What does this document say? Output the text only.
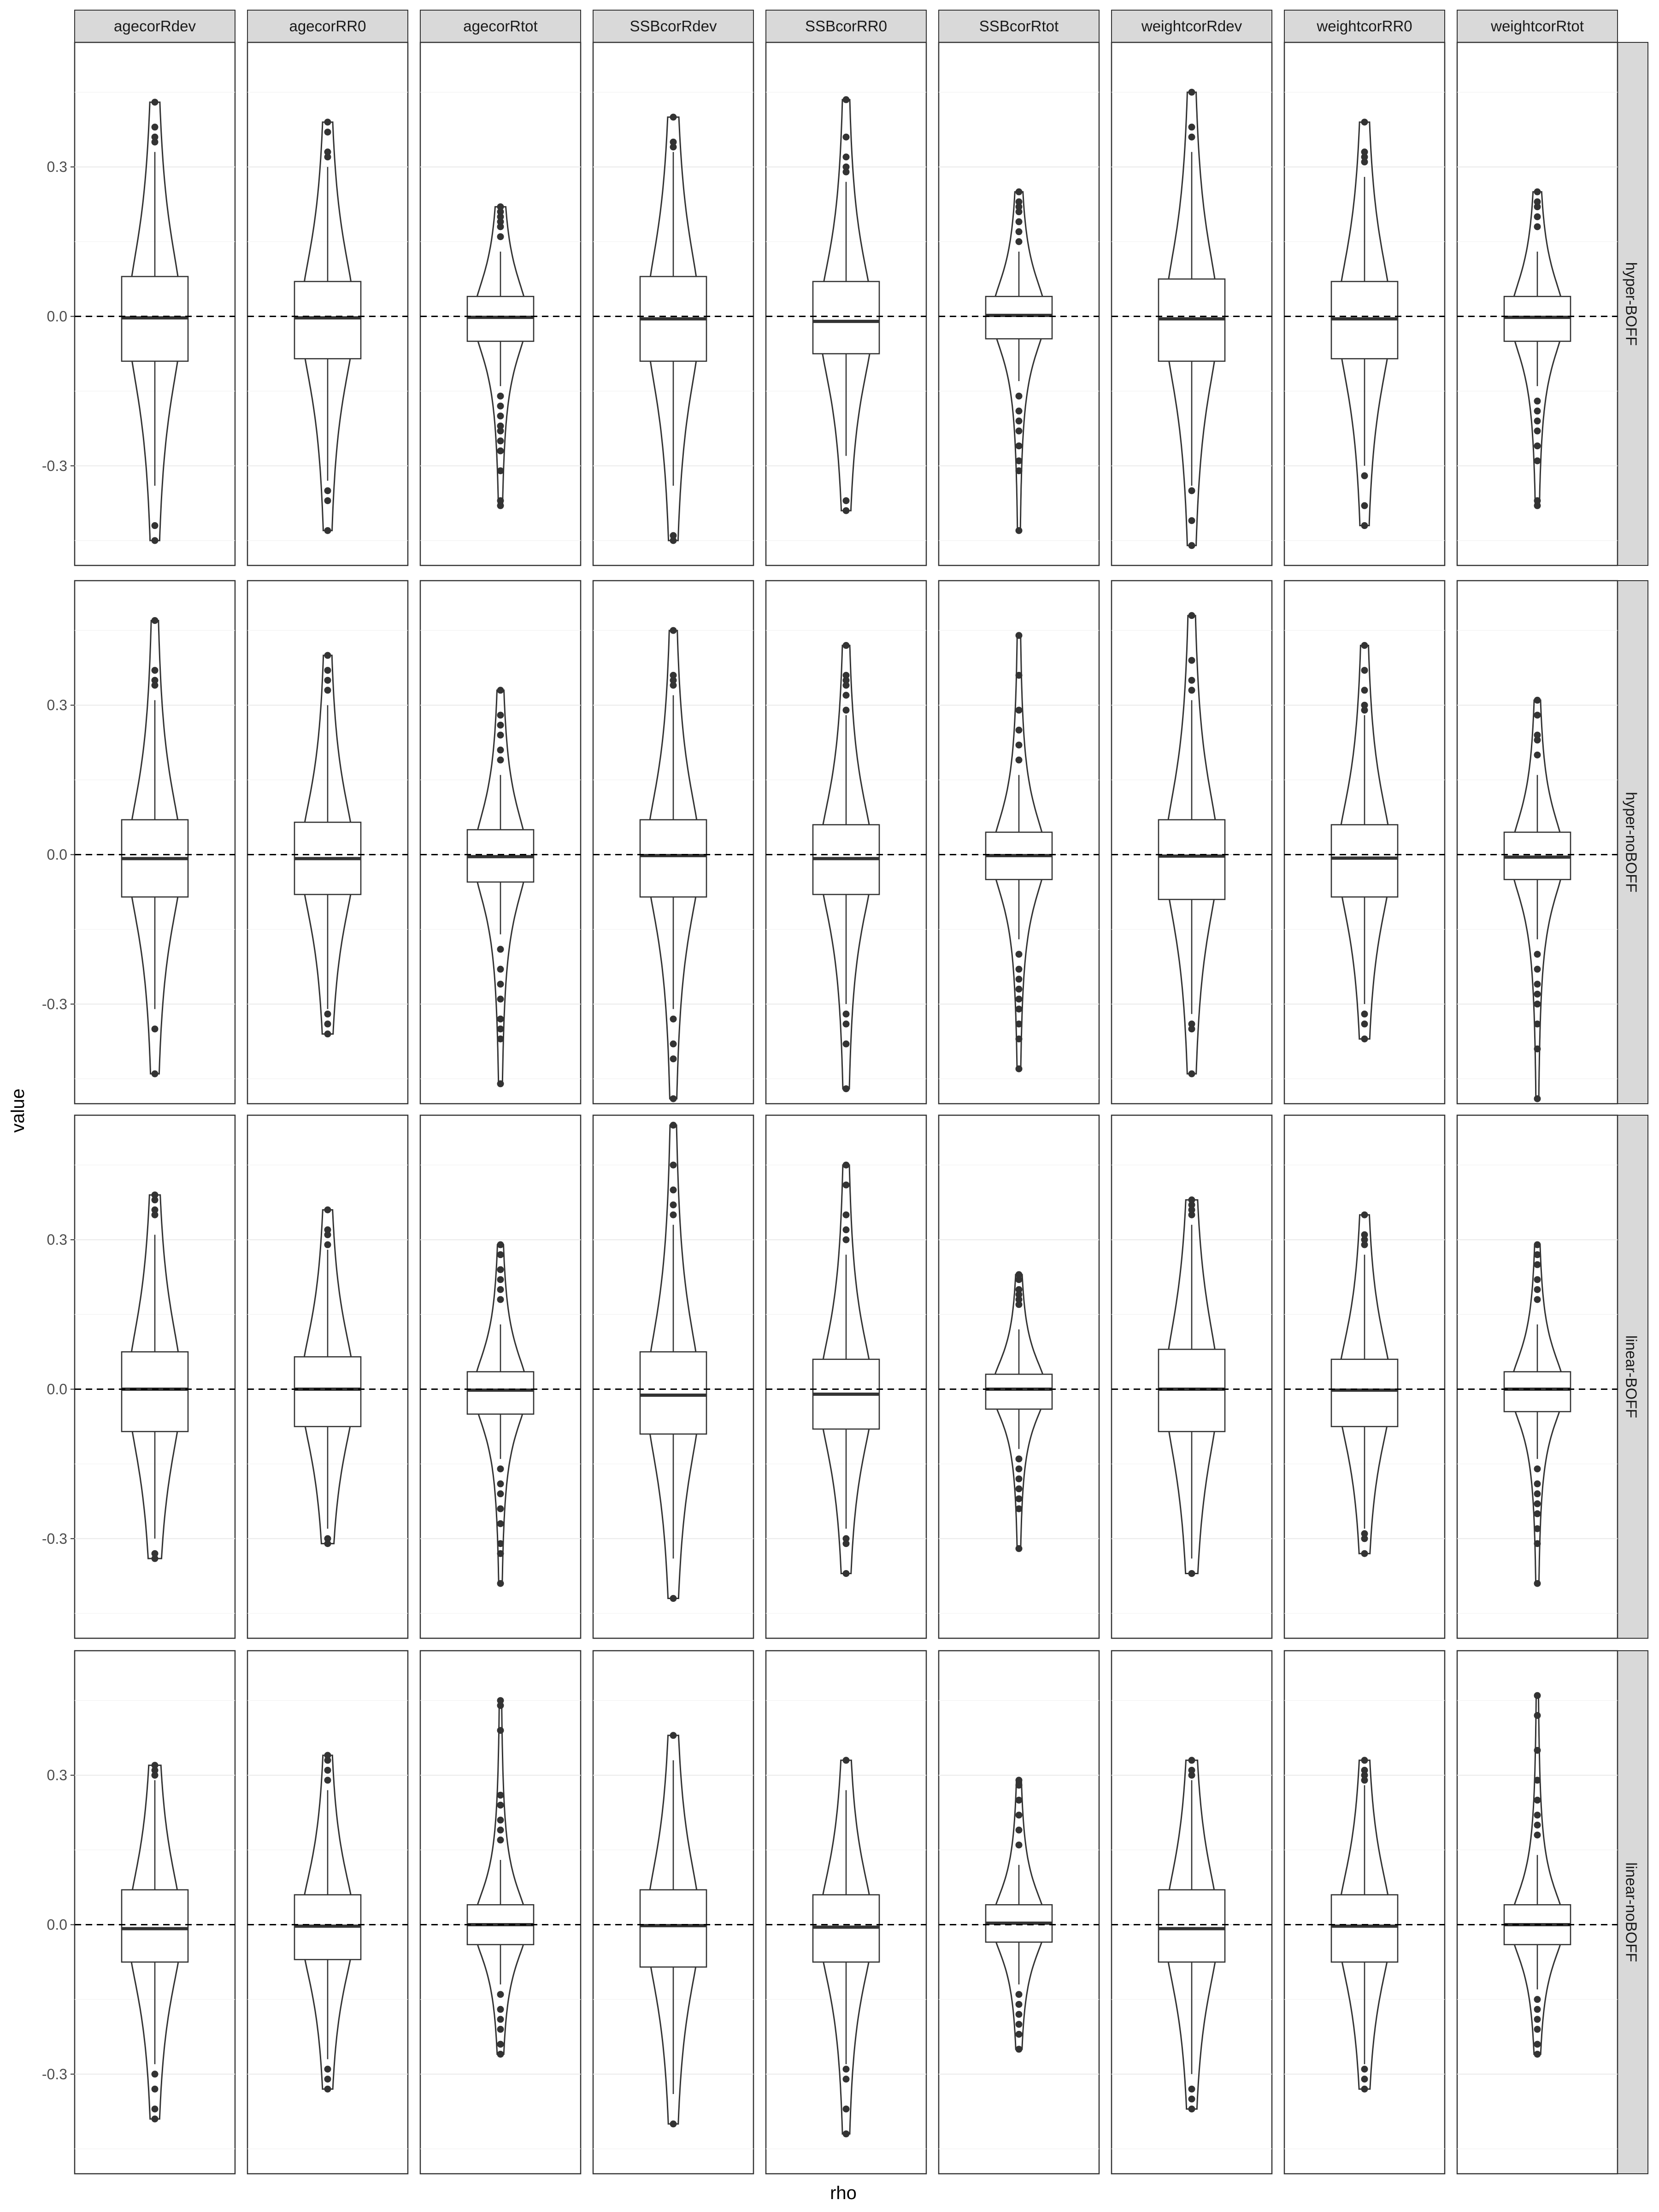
rho
value
agecorRdev	agecorRR0	agecorRtot	SSBcorRdev	SSBcorRR0	SSBcorRtot	weightcorRdev	weightcorRR0	weightcorRtot
hyper-BOFF
hyper-noBOFF
linear-BOFF
linear-noBOFF
-0.3
0.0
0.3
-0.3
0.0
0.3
-0.3
0.0
0.3
-0.3
0.0
0.3
